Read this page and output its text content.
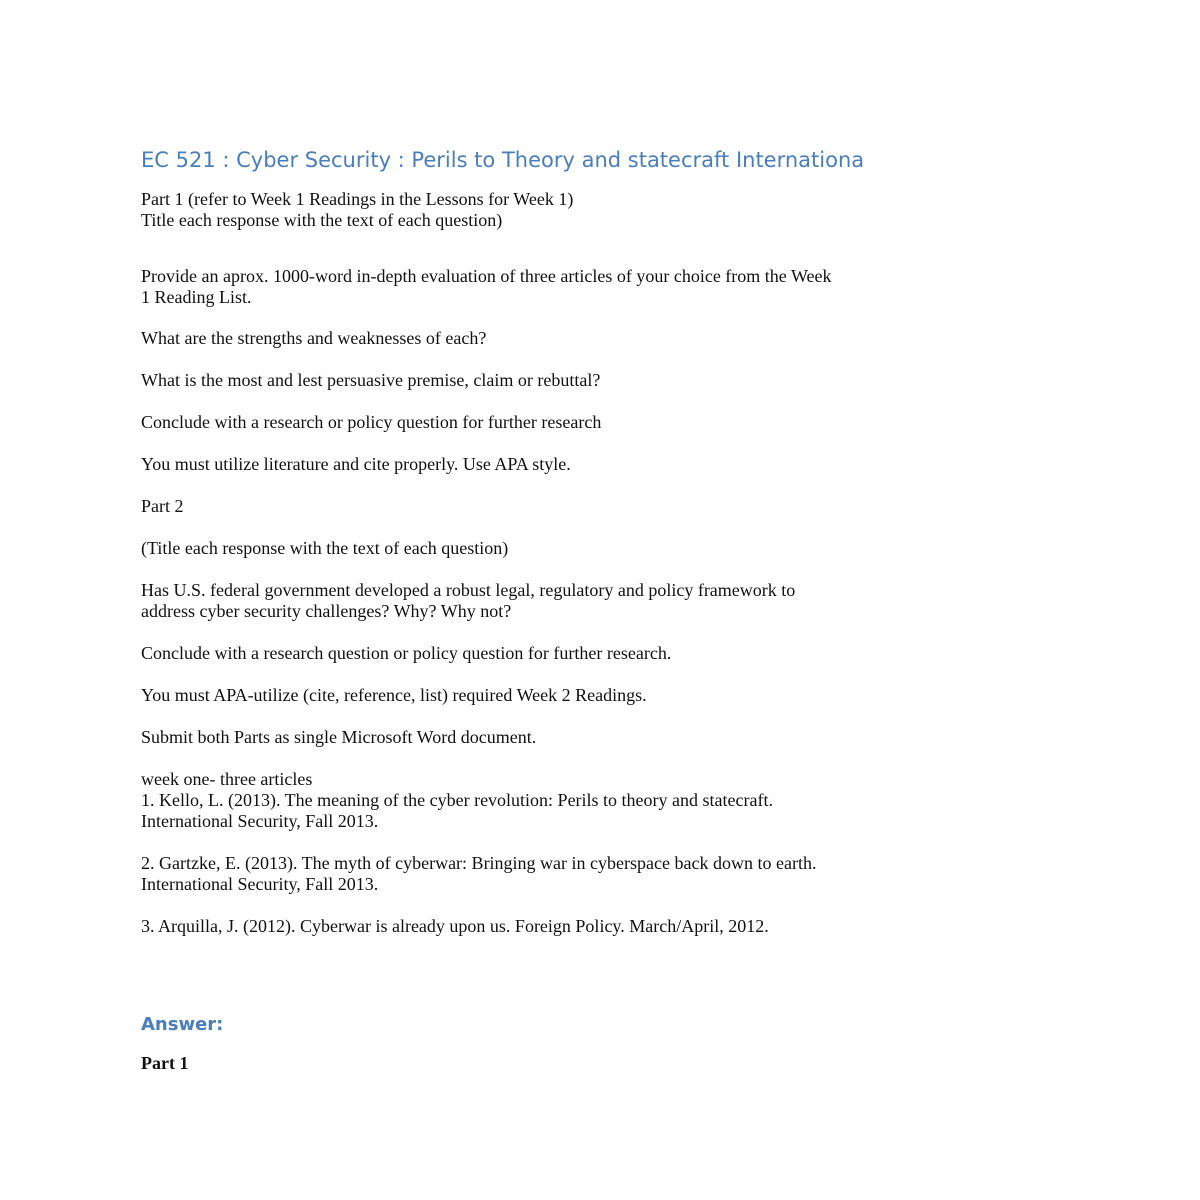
EC 521 : Cyber Security : Perils to Theory and statecraft Internationa

Part 1 (refer to Week 1 Readings in the Lessons for Week 1)
Title each response with the text of each question)

Provide an aprox. 1000-word in-depth evaluation of three articles of your choice from the Week
1 Reading List.

What are the strengths and weaknesses of each?

What is the most and lest persuasive premise, claim or rebuttal?

Conclude with a research or policy question for further research

You must utilize literature and cite properly. Use APA style.

Part 2

(Title each response with the text of each question)

Has U.S. federal government developed a robust legal, regulatory and policy framework to
address cyber security challenges? Why? Why not?

Conclude with a research question or policy question for further research.

You must APA-utilize (cite, reference, list) required Week 2 Readings.

Submit both Parts as single Microsoft Word document.

week one- three articles
1. Kello, L. (2013). The meaning of the cyber revolution: Perils to theory and statecraft.
International Security, Fall 2013.

2. Gartzke, E. (2013). The myth of cyberwar: Bringing war in cyberspace back down to earth.
International Security, Fall 2013.

3. Arquilla, J. (2012). Cyberwar is already upon us. Foreign Policy. March/April, 2012.

Answer:

Part 1
